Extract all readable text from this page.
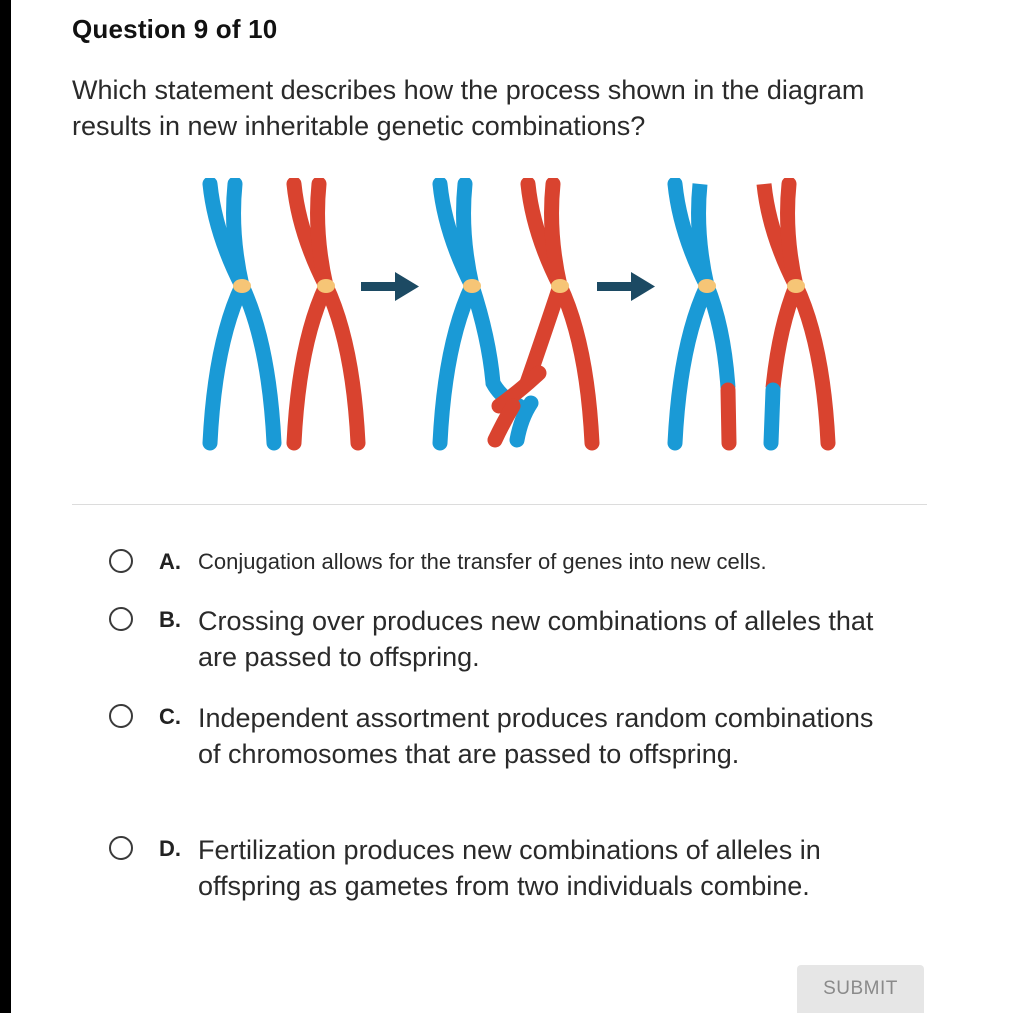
Question 9 of 10
Which statement describes how the process shown in the diagram results in new inheritable genetic combinations?
A. Conjugation allows for the transfer of genes into new cells.
B. Crossing over produces new combinations of alleles that are passed to offspring.
C. Independent assortment produces random combinations of chromosomes that are passed to offspring.
D. Fertilization produces new combinations of alleles in offspring as gametes from two individuals combine.
SUBMIT
